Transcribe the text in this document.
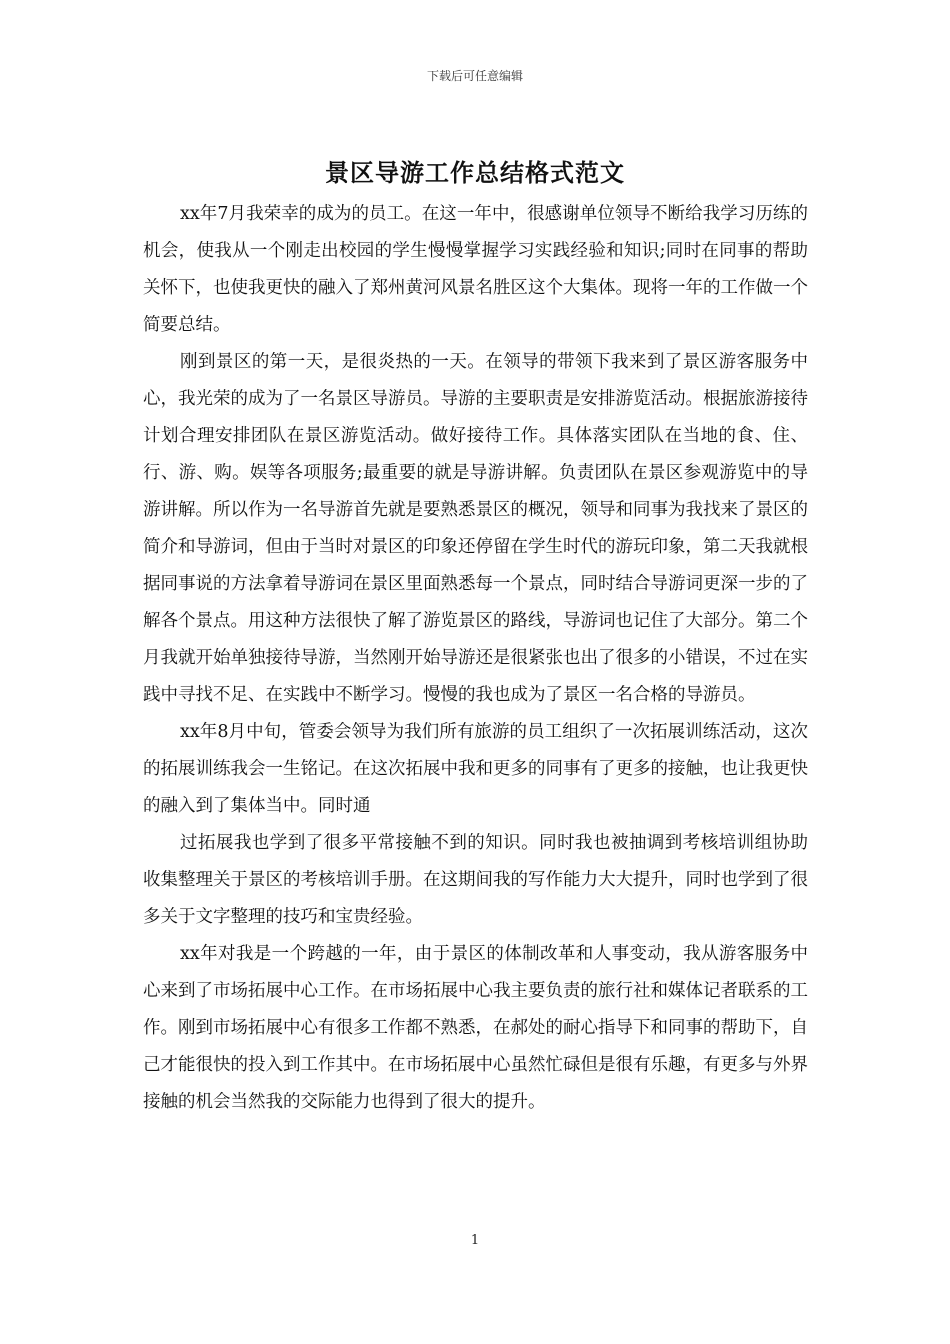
下载后可任意编辑
景区导游工作总结格式范文

xx年7月我荣幸的成为的员工。在这一年中，很感谢单位领导不断给我学习历练的机会，使我从一个刚走出校园的学生慢慢掌握学习实践经验和知识;同时在同事的帮助关怀下，也使我更快的融入了郑州黄河风景名胜区这个大集体。现将一年的工作做一个简要总结。

刚到景区的第一天，是很炎热的一天。在领导的带领下我来到了景区游客服务中心，我光荣的成为了一名景区导游员。导游的主要职责是安排游览活动。根据旅游接待计划合理安排团队在景区游览活动。做好接待工作。具体落实团队在当地的食、住、行、游、购。娱等各项服务;最重要的就是导游讲解。负责团队在景区参观游览中的导游讲解。所以作为一名导游首先就是要熟悉景区的概况，领导和同事为我找来了景区的简介和导游词，但由于当时对景区的印象还停留在学生时代的游玩印象，第二天我就根据同事说的方法拿着导游词在景区里面熟悉每一个景点，同时结合导游词更深一步的了解各个景点。用这种方法很快了解了游览景区的路线，导游词也记住了大部分。第二个月我就开始单独接待导游，当然刚开始导游还是很紧张也出了很多的小错误，不过在实践中寻找不足、在实践中不断学习。慢慢的我也成为了景区一名合格的导游员。

xx年8月中旬，管委会领导为我们所有旅游的员工组织了一次拓展训练活动，这次的拓展训练我会一生铭记。在这次拓展中我和更多的同事有了更多的接触，也让我更快的融入到了集体当中。同时通

过拓展我也学到了很多平常接触不到的知识。同时我也被抽调到考核培训组协助收集整理关于景区的考核培训手册。在这期间我的写作能力大大提升，同时也学到了很多关于文字整理的技巧和宝贵经验。

xx年对我是一个跨越的一年，由于景区的体制改革和人事变动，我从游客服务中心来到了市场拓展中心工作。在市场拓展中心我主要负责的旅行社和媒体记者联系的工作。刚到市场拓展中心有很多工作都不熟悉，在郝处的耐心指导下和同事的帮助下，自己才能很快的投入到工作其中。在市场拓展中心虽然忙碌但是很有乐趣，有更多与外界接触的机会当然我的交际能力也得到了很大的提升。

1
